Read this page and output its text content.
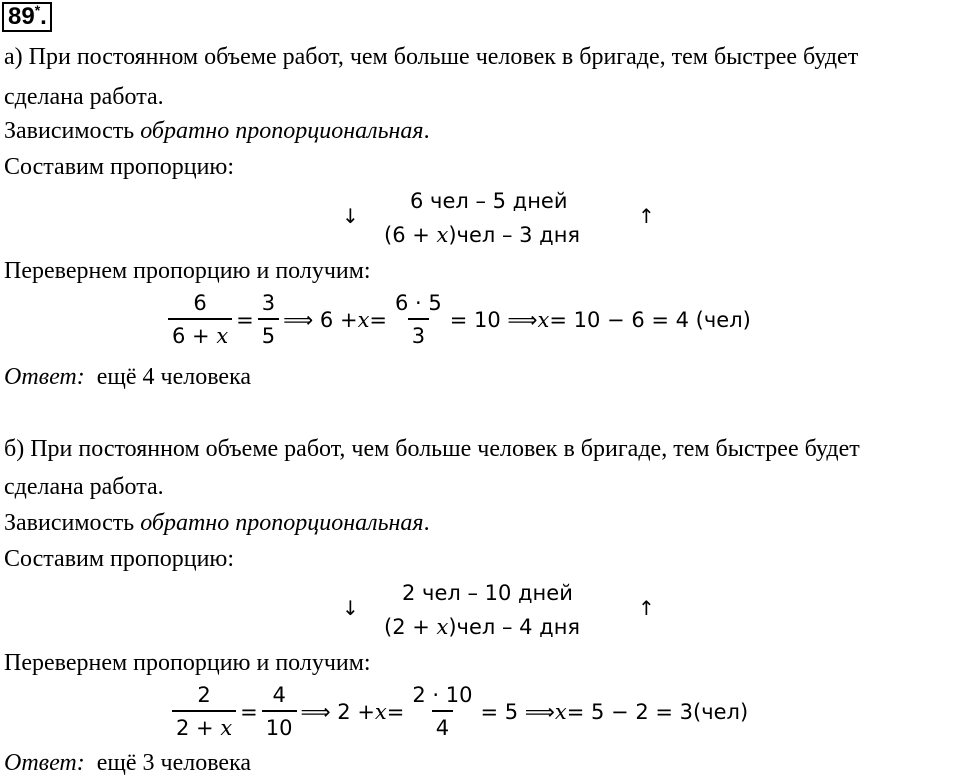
89*.
а) При постоянном объеме работ, чем больше человек в бригаде, тем быстрее будет
сделана работа.
Зависимость обратно пропорциональная.
Составим пропорцию:
↓
6 чел – 5 дней
(6 + x)чел – 3 дня
↑
Перевернем пропорцию и получим:
$\frac{6}{6 + x} = \frac{3}{5}$ ⟹ $6 + x = \frac{6 \cdot 5}{3} = 10$ ⟹ x = 10 − 6 = 4 (чел)
Ответ: ещё 4 человека
б) При постоянном объеме работ, чем больше человек в бригаде, тем быстрее будет
сделана работа.
Зависимость обратно пропорциональная.
Составим пропорцию:
↓
2 чел – 10 дней
(2 + x)чел – 4 дня
↑
Перевернем пропорцию и получим:
$\frac{2}{2 + x} = \frac{4}{10}$ ⟹ $2 + x = \frac{2 \cdot 10}{4} = 5$ ⟹ x = 5 − 2 = 3(чел)
Ответ: ещё 3 человека
